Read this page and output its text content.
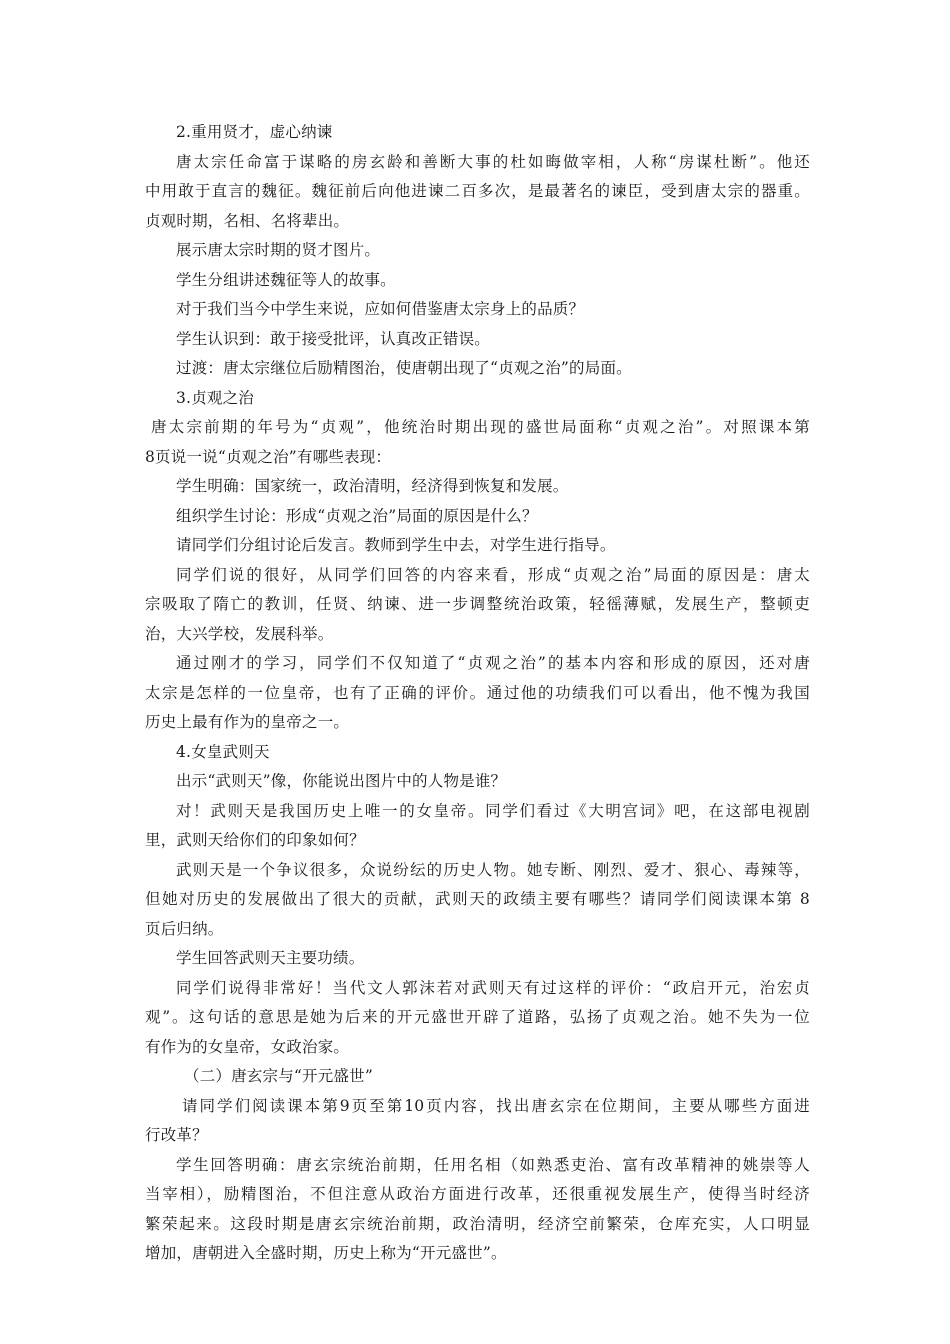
2.重用贤才，虚心纳谏
唐太宗任命富于谋略的房玄龄和善断大事的杜如晦做宰相，人称“房谋杜断”。他还
中用敢于直言的魏征。魏征前后向他进谏二百多次，是最著名的谏臣，受到唐太宗的器重。
贞观时期，名相、名将辈出。
展示唐太宗时期的贤才图片。
学生分组讲述魏征等人的故事。
对于我们当今中学生来说，应如何借鉴唐太宗身上的品质？
学生认识到：敢于接受批评，认真改正错误。
过渡：唐太宗继位后励精图治，使唐朝出现了“贞观之治”的局面。
3.贞观之治
唐太宗前期的年号为“贞观”，他统治时期出现的盛世局面称“贞观之治”。对照课本第
8页说一说“贞观之治”有哪些表现：
学生明确：国家统一，政治清明，经济得到恢复和发展。
组织学生讨论：形成“贞观之治”局面的原因是什么？
请同学们分组讨论后发言。教师到学生中去，对学生进行指导。
同学们说的很好，从同学们回答的内容来看，形成“贞观之治”局面的原因是：唐太
宗吸取了隋亡的教训，任贤、纳谏、进一步调整统治政策，轻徭薄赋，发展生产，整顿吏
治，大兴学校，发展科举。
通过刚才的学习，同学们不仅知道了“贞观之治”的基本内容和形成的原因，还对唐
太宗是怎样的一位皇帝，也有了正确的评价。通过他的功绩我们可以看出，他不愧为我国
历史上最有作为的皇帝之一。
4.女皇武则天
出示“武则天”像，你能说出图片中的人物是谁？
对！武则天是我国历史上唯一的女皇帝。同学们看过《大明宫词》吧，在这部电视剧
里，武则天给你们的印象如何？
武则天是一个争议很多，众说纷纭的历史人物。她专断、刚烈、爱才、狠心、毒辣等，
但她对历史的发展做出了很大的贡献，武则天的政绩主要有哪些？请同学们阅读课本第 8
页后归纳。
学生回答武则天主要功绩。
同学们说得非常好！当代文人郭沫若对武则天有过这样的评价：“政启开元，治宏贞
观”。这句话的意思是她为后来的开元盛世开辟了道路，弘扬了贞观之治。她不失为一位
有作为的女皇帝，女政治家。
（二）唐玄宗与“开元盛世”
请同学们阅读课本第9页至第10页内容，找出唐玄宗在位期间，主要从哪些方面进
行改革？
学生回答明确：唐玄宗统治前期，任用名相（如熟悉吏治、富有改革精神的姚崇等人
当宰相），励精图治，不但注意从政治方面进行改革，还很重视发展生产，使得当时经济
繁荣起来。这段时期是唐玄宗统治前期，政治清明，经济空前繁荣，仓库充实，人口明显
增加，唐朝进入全盛时期，历史上称为“开元盛世”。
